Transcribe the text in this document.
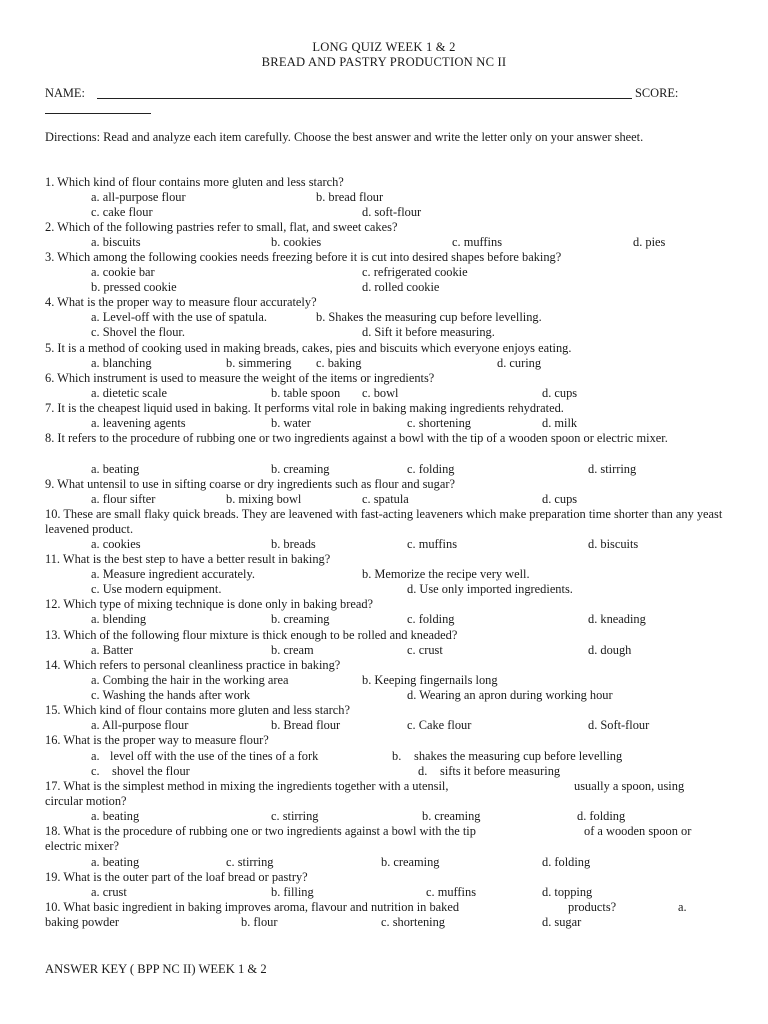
LONG QUIZ WEEK 1 & 2
BREAD AND PASTRY PRODUCTION NC II
NAME:	SCORE:
Directions: Read and analyze each item carefully. Choose the best answer and write the letter only on your answer sheet.
1. Which kind of flour contains more gluten and less starch?
a. all-purpose flour	b. bread flour
c. cake flour	d. soft-flour
2. Which of the following pastries refer to small, flat, and sweet cakes?
a. biscuits	b. cookies	c. muffins	d. pies
3. Which among the following cookies needs freezing before it is cut into desired shapes before baking?
a. cookie bar	c. refrigerated cookie
b. pressed cookie	d. rolled cookie
4. What is the proper way to measure flour accurately?
a. Level-off with the use of spatula.	b. Shakes the measuring cup before levelling.
c. Shovel the flour.	d. Sift it before measuring.
5. It is a method of cooking used in making breads, cakes, pies and biscuits which everyone enjoys eating.
a. blanching	b. simmering c. baking	d. curing
6. Which instrument is used to measure the weight of the items or ingredients?
a. dietetic scale	b. table spoon c. bowl	d. cups
7. It is the cheapest liquid used in baking. It performs vital role in baking making ingredients rehydrated.
a. leavening agents	b. water	c. shortening	d. milk
8. It refers to the procedure of rubbing one or two ingredients against a bowl with the tip of a wooden spoon or electric mixer.
a. beating	b. creaming	c. folding	d. stirring
9. What untensil to use in sifting coarse or dry ingredients such as flour and sugar?
a. flour sifter	b. mixing bowl	c. spatula	d. cups
10. These are small flaky quick breads. They are leavened with fast-acting leaveners which make preparation time shorter than any yeast leavened product.
a. cookies	b. breads	c. muffins	d. biscuits
11. What is the best step to have a better result in baking?
a. Measure ingredient accurately.	b. Memorize the recipe very well.
c. Use modern equipment.	d. Use only imported ingredients.
12. Which type of mixing technique is done only in baking bread?
a. blending	b. creaming	c. folding	d. kneading
13. Which of the following flour mixture is thick enough to be rolled and kneaded?
a. Batter	b. cream	c. crust	d. dough
14. Which refers to personal cleanliness practice in baking?
a. Combing the hair in the working area	b. Keeping fingernails long
c. Washing the hands after work	d. Wearing an apron during working hour
15. Which kind of flour contains more gluten and less starch?
a. All-purpose flour	b. Bread flour	c. Cake flour	d. Soft-flour
16. What is the proper way to measure flour?
a. level off with the use of the tines of a fork	b. shakes the measuring cup before levelling
c. shovel the flour	d. sifts it before measuring
17. What is the simplest method in mixing the ingredients together with a utensil,	usually a spoon, using
circular motion?
a. beating	c. stirring	b. creaming	d. folding
18. What is the procedure of rubbing one or two ingredients against a bowl with the tip	of a wooden spoon or
electric mixer?
a. beating	c. stirring	b. creaming	d. folding
19. What is the outer part of the loaf bread or pastry?
a. crust	b. filling	c. muffins	d. topping
10. What basic ingredient in baking improves aroma, flavour and nutrition in baked	products?	a.
baking powder	b. flour	c. shortening	d. sugar
ANSWER KEY ( BPP NC II) WEEK 1 & 2
